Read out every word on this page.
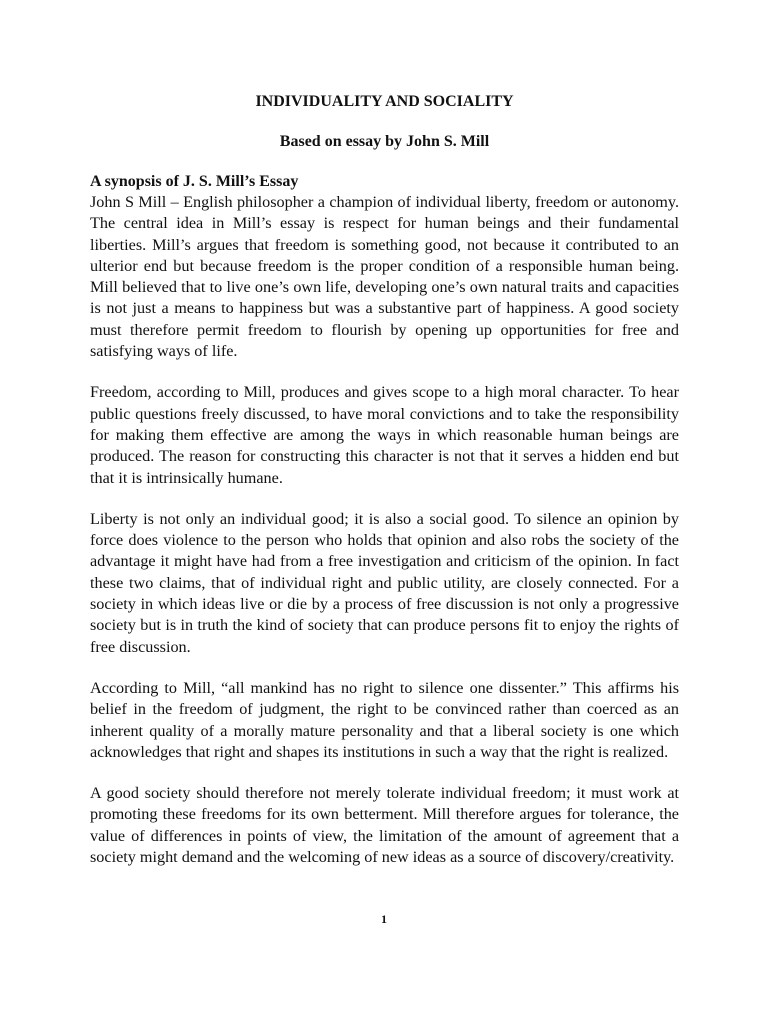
INDIVIDUALITY AND SOCIALITY
Based on essay by John S. Mill
A synopsis of J. S. Mill’s Essay

John S Mill – English philosopher a champion of individual liberty, freedom or autonomy. The central idea in Mill’s essay is respect for human beings and their fundamental liberties. Mill’s argues that freedom is something good, not because it contributed to an ulterior end but because freedom is the proper condition of a responsible human being. Mill believed that to live one’s own life, developing one’s own natural traits and capacities is not just a means to happiness but was a substantive part of happiness. A good society must therefore permit freedom to flourish by opening up opportunities for free and satisfying ways of life.

Freedom, according to Mill, produces and gives scope to a high moral character. To hear public questions freely discussed, to have moral convictions and to take the responsibility for making them effective are among the ways in which reasonable human beings are produced. The reason for constructing this character is not that it serves a hidden end but that it is intrinsically humane.

Liberty is not only an individual good; it is also a social good. To silence an opinion by force does violence to the person who holds that opinion and also robs the society of the advantage it might have had from a free investigation and criticism of the opinion. In fact these two claims, that of individual right and public utility, are closely connected. For a society in which ideas live or die by a process of free discussion is not only a progressive society but is in truth the kind of society that can produce persons fit to enjoy the rights of free discussion.

According to Mill, “all mankind has no right to silence one dissenter.” This affirms his belief in the freedom of judgment, the right to be convinced rather than coerced as an inherent quality of a morally mature personality and that a liberal society is one which acknowledges that right and shapes its institutions in such a way that the right is realized.

A good society should therefore not merely tolerate individual freedom; it must work at promoting these freedoms for its own betterment. Mill therefore argues for tolerance, the value of differences in points of view, the limitation of the amount of agreement that a society might demand and the welcoming of new ideas as a source of discovery/creativity.

1
